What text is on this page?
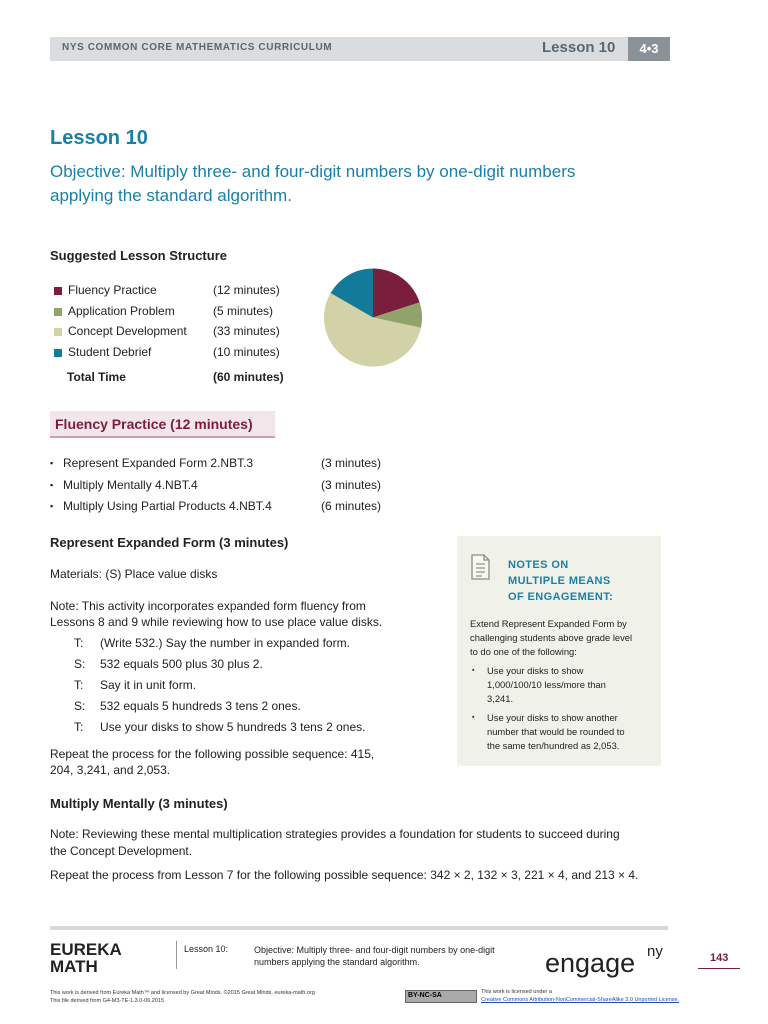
NYS COMMON CORE MATHEMATICS CURRICULUM	Lesson 10	4•3
Lesson 10
Objective: Multiply three- and four-digit numbers by one-digit numbers
applying the standard algorithm.
Suggested Lesson Structure
Fluency Practice	(12 minutes)
Application Problem	(5 minutes)
Concept Development (33 minutes)
Student Debrief	(10 minutes)
Total Time	(60 minutes)
Fluency Practice (12 minutes)
▪ Represent Expanded Form 2.NBT.3	(3 minutes)
▪ Multiply Mentally 4.NBT.4	(3 minutes)
▪ Multiply Using Partial Products 4.NBT.4	(6 minutes)
Represent Expanded Form (3 minutes)
Materials: (S) Place value disks
Note: This activity incorporates expanded form fluency from
Lessons 8 and 9 while reviewing how to use place value disks.
T: (Write 532.) Say the number in expanded form.
S: 532 equals 500 plus 30 plus 2.
T: Say it in unit form.
S: 532 equals 5 hundreds 3 tens 2 ones.
T: Use your disks to show 5 hundreds 3 tens 2 ones.
Repeat the process for the following possible sequence: 415,
204, 3,241, and 2,053.
NOTES ON
MULTIPLE MEANS
OF ENGAGEMENT:
Extend Represent Expanded Form by
challenging students above grade level
to do one of the following:
▪	Use your disks to show
1,000/100/10 less/more than
3,241.
▪	Use your disks to show another
number that would be rounded to
the same ten/hundred as 2,053.
Multiply Mentally (3 minutes)
Note: Reviewing these mental multiplication strategies provides a foundation for students to succeed during
the Concept Development.
Repeat the process from Lesson 7 for the following possible sequence: 342 × 2, 132 × 3, 221 × 4, and 213 × 4.
EUREKA
MATH
Lesson 10:	Objective: Multiply three- and four-digit numbers by one-digit
numbers applying the standard algorithm.	engage ny	143
This work is derived from Eureka Math™ and licensed by Great Minds. ©2015 Great Minds. eureka-math.org
This file derived from G4-M3-TE-1.3.0-06.2015
BY-NC-SA	This work is licensed under a
Creative Commons Attribution-NonCommercial-ShareAlike 3.0 Unported License.
